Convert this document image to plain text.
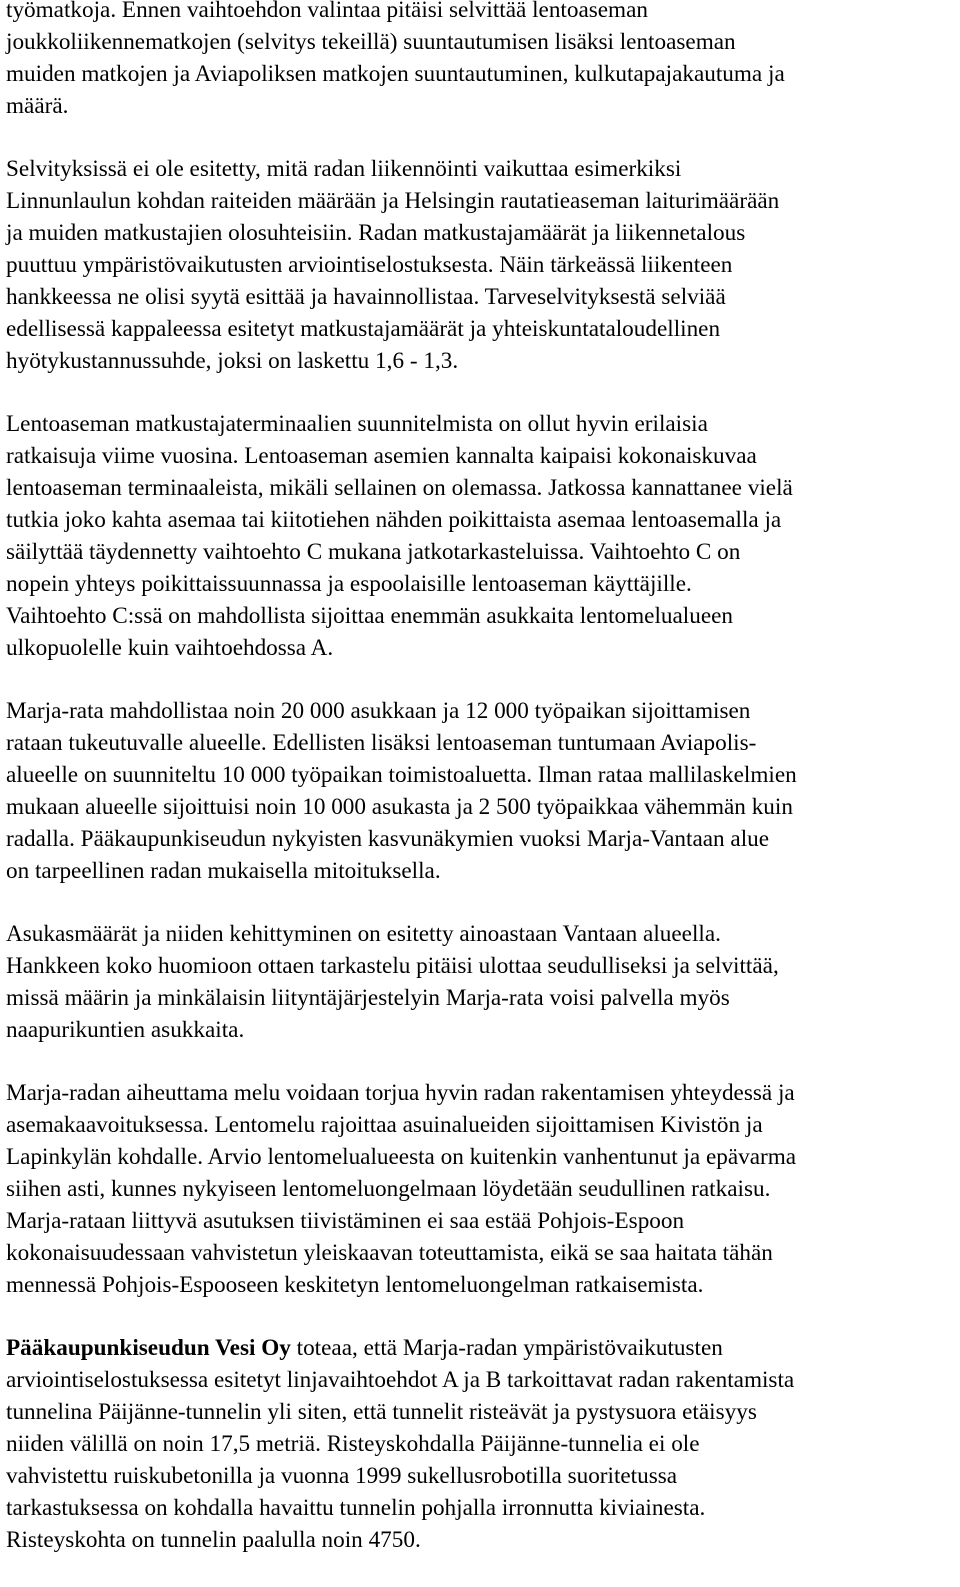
työmatkoja. Ennen vaihtoehdon valintaa pitäisi selvittää lentoaseman
joukkoliikennematkojen (selvitys tekeillä) suuntautumisen lisäksi lentoaseman
muiden matkojen ja Aviapoliksen matkojen suuntautuminen, kulkutapajakautuma ja
määrä.
Selvityksissä ei ole esitetty, mitä radan liikennöinti vaikuttaa esimerkiksi
Linnunlaulun kohdan raiteiden määrään ja Helsingin rautatieaseman laiturimäärään
ja muiden matkustajien olosuhteisiin. Radan matkustajamäärät ja liikennetalous
puuttuu ympäristövaikutusten arviointiselostuksesta. Näin tärkeässä liikenteen
hankkeessa ne olisi syytä esittää ja havainnollistaa. Tarveselvityksestä selviää
edellisessä kappaleessa esitetyt matkustajamäärät ja yhteiskuntataloudellinen
hyötykustannussuhde, joksi on laskettu 1,6 - 1,3.
Lentoaseman matkustajaterminaalien suunnitelmista on ollut hyvin erilaisia
ratkaisuja viime vuosina. Lentoaseman asemien kannalta kaipaisi kokonaiskuvaa
lentoaseman terminaaleista, mikäli sellainen on olemassa. Jatkossa kannattanee vielä
tutkia joko kahta asemaa tai kiitotiehen nähden poikittaista asemaa lentoasemalla ja
säilyttää täydennetty vaihtoehto C mukana jatkotarkasteluissa. Vaihtoehto C on
nopein yhteys poikittaissuunnassa ja espoolaisille lentoaseman käyttäjille.
Vaihtoehto C:ssä on mahdollista sijoittaa enemmän asukkaita lentomelualueen
ulkopuolelle kuin vaihtoehdossa A.
Marja-rata mahdollistaa noin 20 000 asukkaan ja 12 000 työpaikan sijoittamisen
rataan tukeutuvalle alueelle. Edellisten lisäksi lentoaseman tuntumaan Aviapolis-
alueelle on suunniteltu 10 000 työpaikan toimistoaluetta. Ilman rataa mallilaskelmien
mukaan alueelle sijoittuisi noin 10 000 asukasta ja 2 500 työpaikkaa vähemmän kuin
radalla. Pääkaupunkiseudun nykyisten kasvunäkymien vuoksi Marja-Vantaan alue
on tarpeellinen radan mukaisella mitoituksella.
Asukasmäärät ja niiden kehittyminen on esitetty ainoastaan Vantaan alueella.
Hankkeen koko huomioon ottaen tarkastelu pitäisi ulottaa seudulliseksi ja selvittää,
missä määrin ja minkälaisin liityntäjärjestelyin Marja-rata voisi palvella myös
naapurikuntien asukkaita.
Marja-radan aiheuttama melu voidaan torjua hyvin radan rakentamisen yhteydessä ja
asemakaavoituksessa. Lentomelu rajoittaa asuinalueiden sijoittamisen Kivistön ja
Lapinkylän kohdalle. Arvio lentomelualueesta on kuitenkin vanhentunut ja epävarma
siihen asti, kunnes nykyiseen lentomeluongelmaan löydetään seudullinen ratkaisu.
Marja-rataan liittyvä asutuksen tiivistäminen ei saa estää Pohjois-Espoon
kokonaisuudessaan vahvistetun yleiskaavan toteuttamista, eikä se saa haitata tähän
mennessä Pohjois-Espooseen keskitetyn lentomeluongelman ratkaisemista.
Pääkaupunkiseudun Vesi Oy toteaa, että Marja-radan ympäristövaikutusten
arviointiselostuksessa esitetyt linjavaihtoehdot A ja B tarkoittavat radan rakentamista
tunnelina Päijänne-tunnelin yli siten, että tunnelit risteävät ja pystysuora etäisyys
niiden välillä on noin 17,5 metriä. Risteyskohdalla Päijänne-tunnelia ei ole
vahvistettu ruiskubetonilla ja vuonna 1999 sukellusrobotilla suoritetussa
tarkastuksessa on kohdalla havaittu tunnelin pohjalla irronnutta kiviainesta.
Risteyskohta on tunnelin paalulla noin 4750.
